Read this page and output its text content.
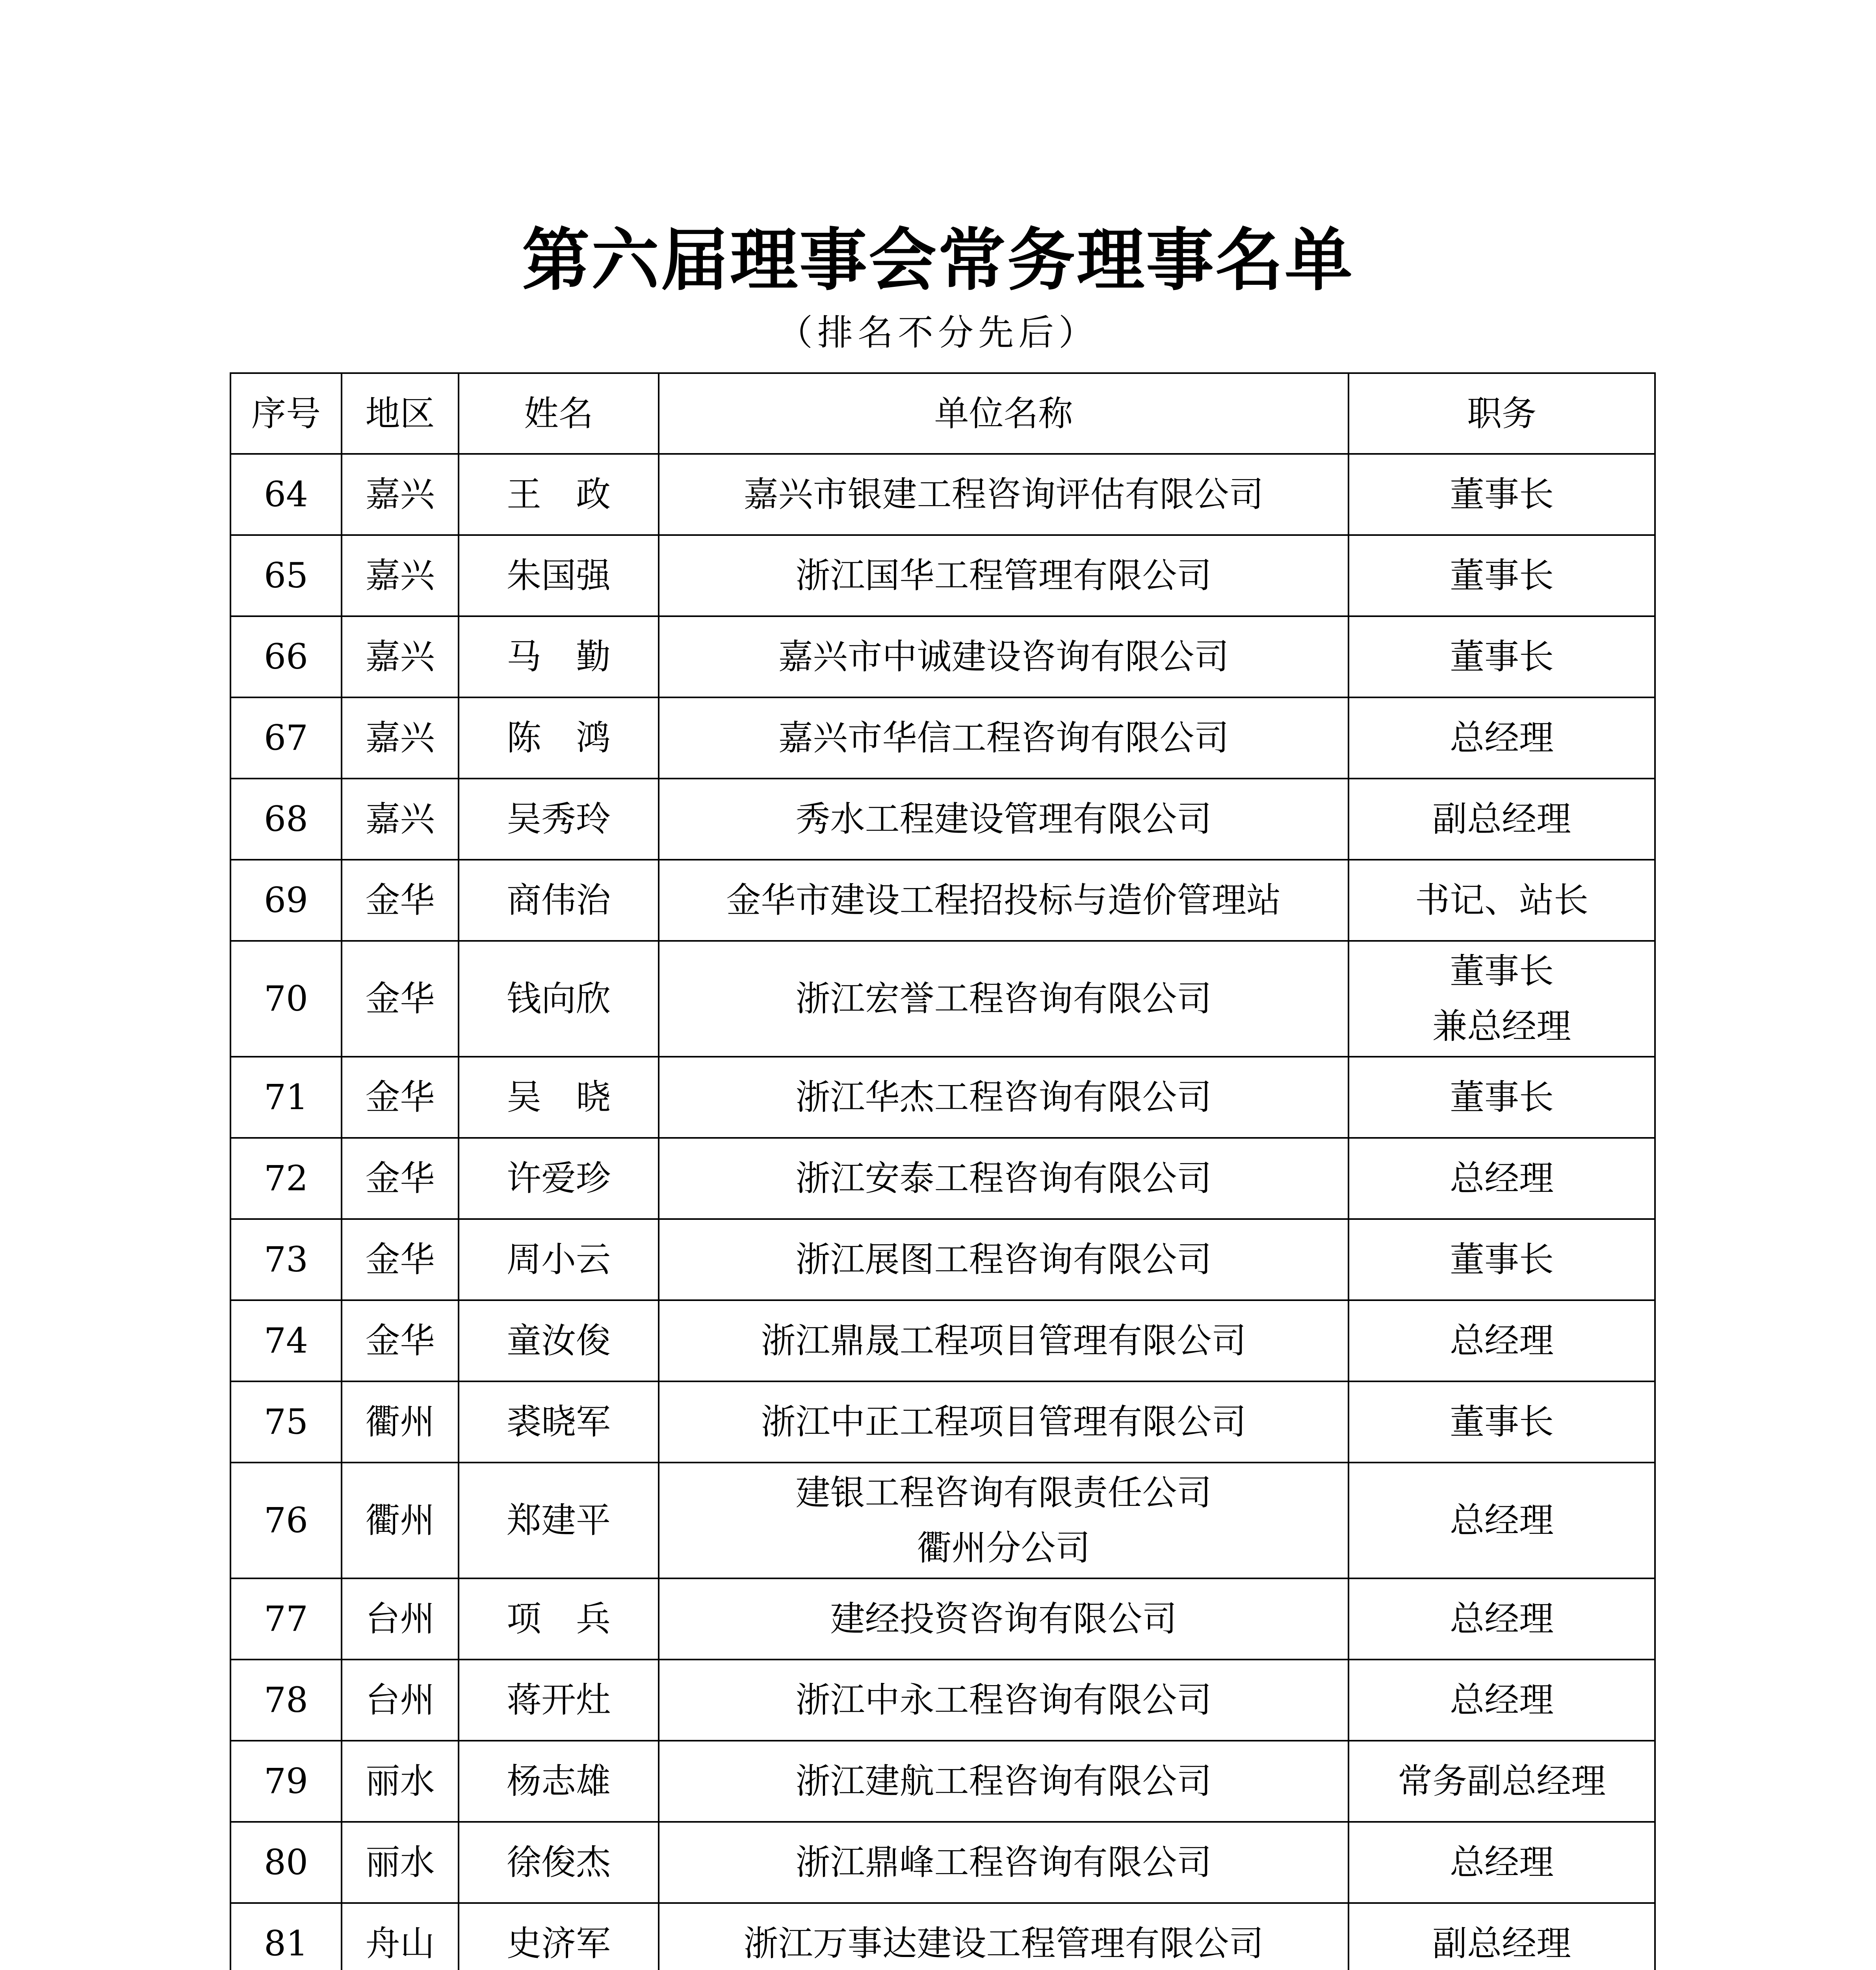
第六届理事会常务理事名单
（排名不分先后）
序号	地区	姓名	单位名称	职务
64	嘉兴	王　政	嘉兴市银建工程咨询评估有限公司	董事长
65	嘉兴	朱国强	浙江国华工程管理有限公司	董事长
66	嘉兴	马　勤	嘉兴市中诚建设咨询有限公司	董事长
67	嘉兴	陈　鸿	嘉兴市华信工程咨询有限公司	总经理
68	嘉兴	吴秀玲	秀水工程建设管理有限公司	副总经理
69	金华	商伟治	金华市建设工程招投标与造价管理站	书记、站长
70	金华	钱向欣	浙江宏誉工程咨询有限公司	董事长
兼总经理
71	金华	吴　晓	浙江华杰工程咨询有限公司	董事长
72	金华	许爱珍	浙江安泰工程咨询有限公司	总经理
73	金华	周小云	浙江展图工程咨询有限公司	董事长
74	金华	童汝俊	浙江鼎晟工程项目管理有限公司	总经理
75	衢州	裘晓军	浙江中正工程项目管理有限公司	董事长
76	衢州	郑建平	建银工程咨询有限责任公司
衢州分公司	总经理
77	台州	项　兵	建经投资咨询有限公司	总经理
78	台州	蒋开灶	浙江中永工程咨询有限公司	总经理
79	丽水	杨志雄	浙江建航工程咨询有限公司	常务副总经理
80	丽水	徐俊杰	浙江鼎峰工程咨询有限公司	总经理
81	舟山	史济军	浙江万事达建设工程管理有限公司	副总经理
